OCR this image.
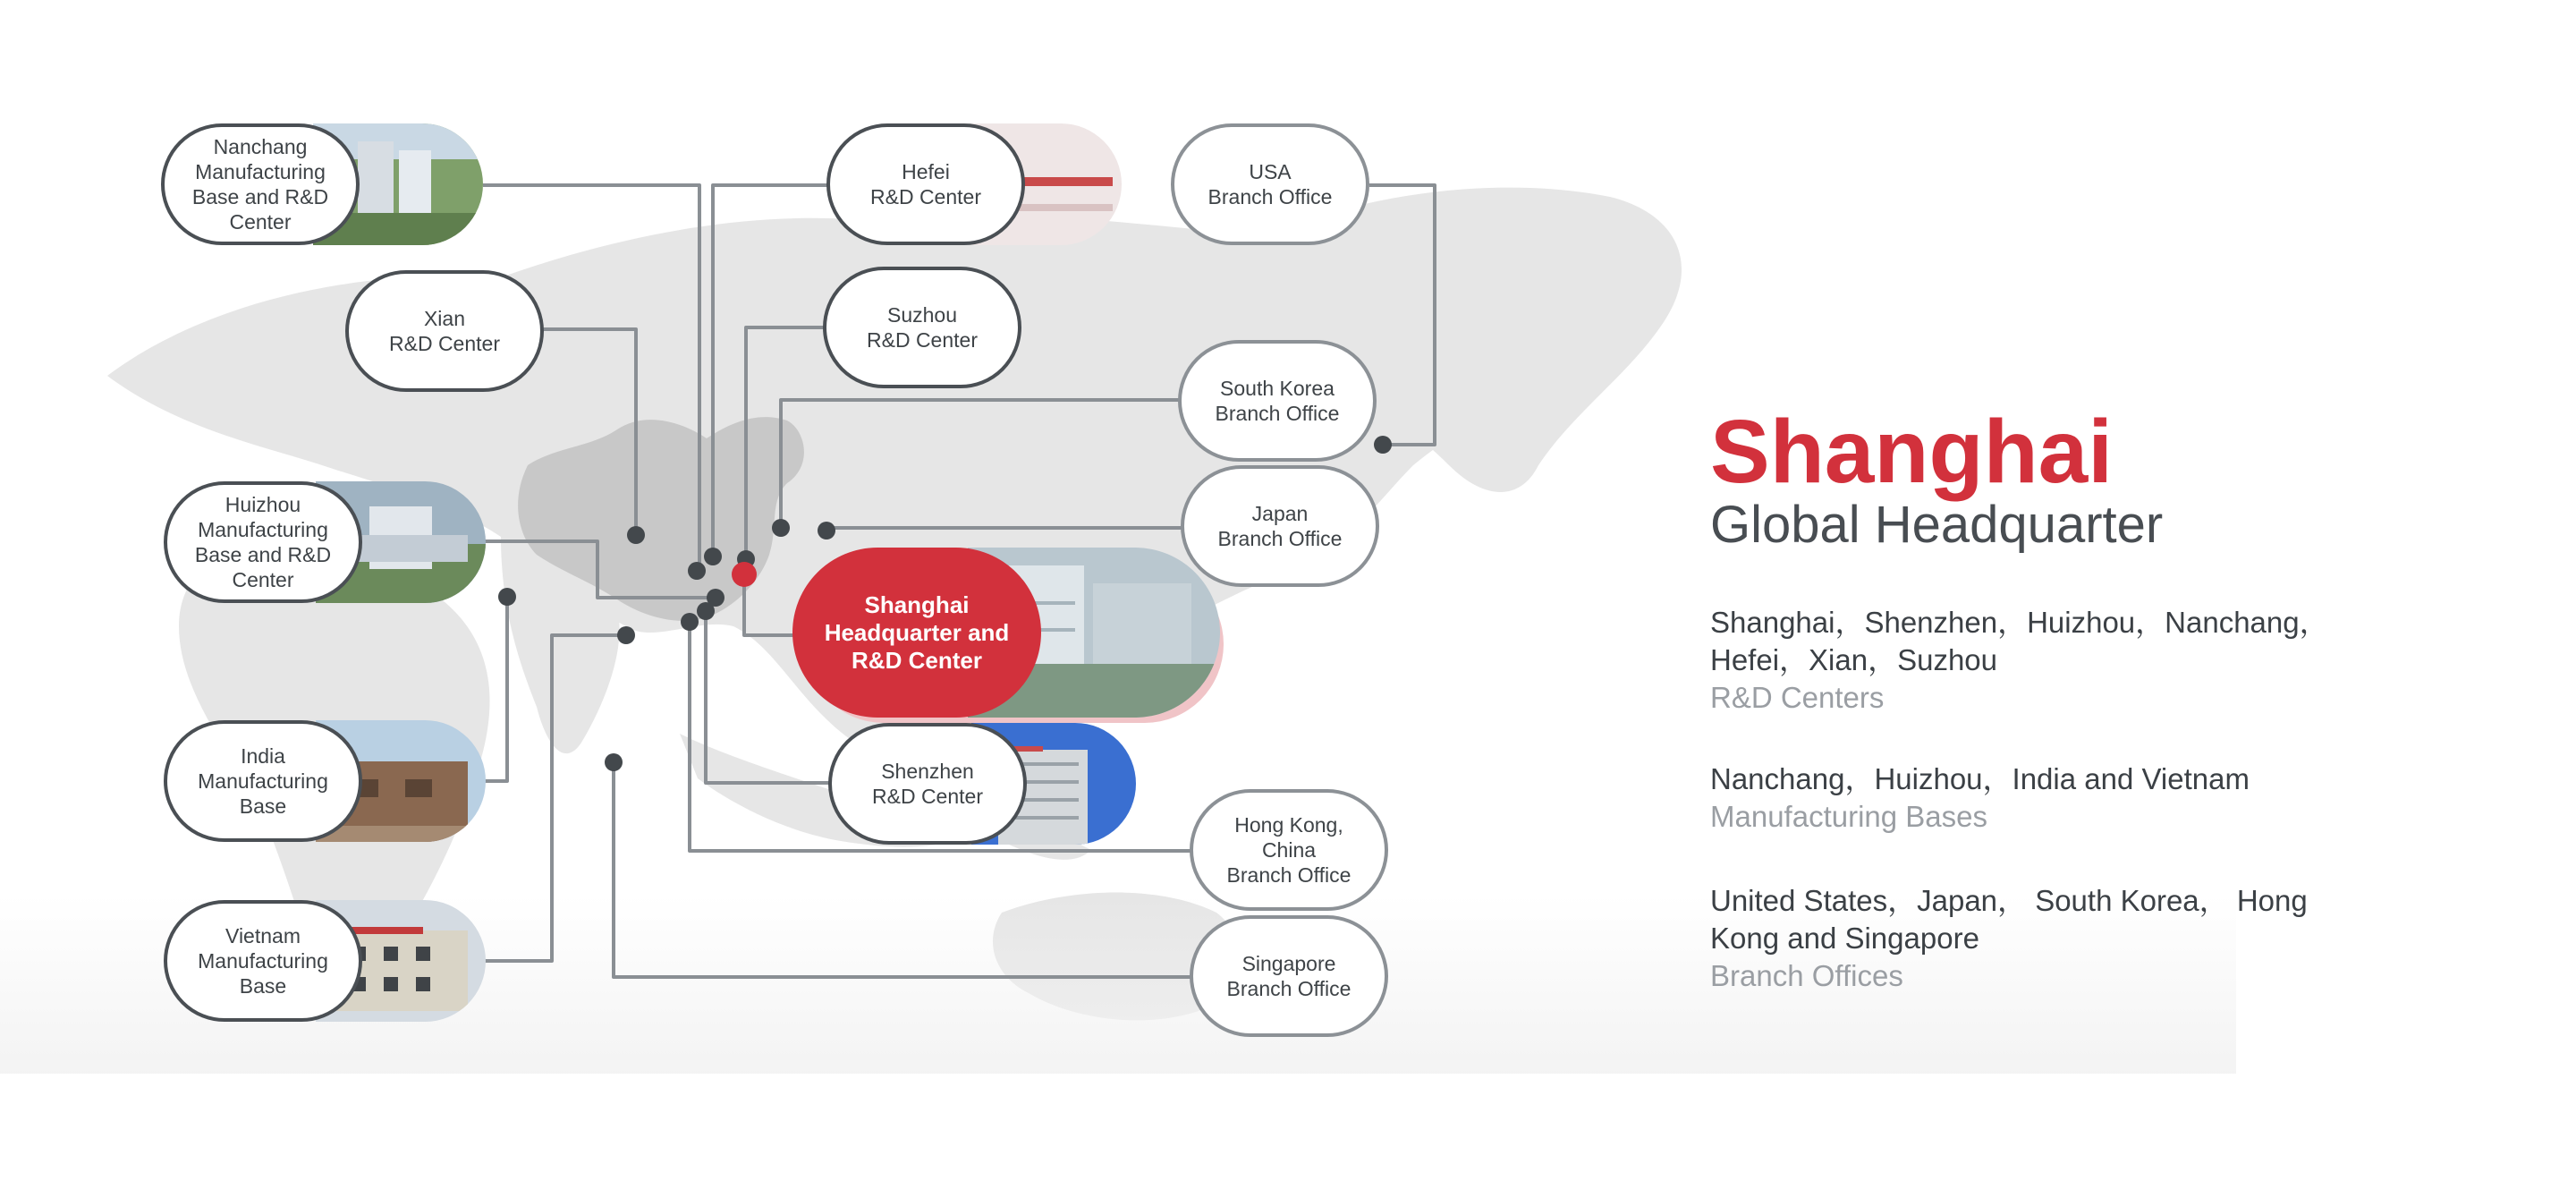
Nanchang
Manufacturing
Base and R&D
Center
Xian
R&D Center
Huizhou
Manufacturing
Base and R&D
Center
India
Manufacturing
Base
Vietnam
Manufacturing
Base
Hefei
R&D Center
Suzhou
R&D Center
Shanghai
Headquarter and
R&D Center
Shenzhen
R&D Center
USA
Branch Office
South Korea
Branch Office
Japan
Branch Office
Hong Kong,
China
Branch Office
Singapore
Branch Office
Shanghai
Global Headquarter
Shanghai，Shenzhen，Huizhou，Nanchang，Hefei，Xian，Suzhou
R&D Centers
Nanchang，Huizhou，India and Vietnam
Manufacturing Bases
United States，Japan， South Korea， Hong Kong and Singapore
Branch Offices
